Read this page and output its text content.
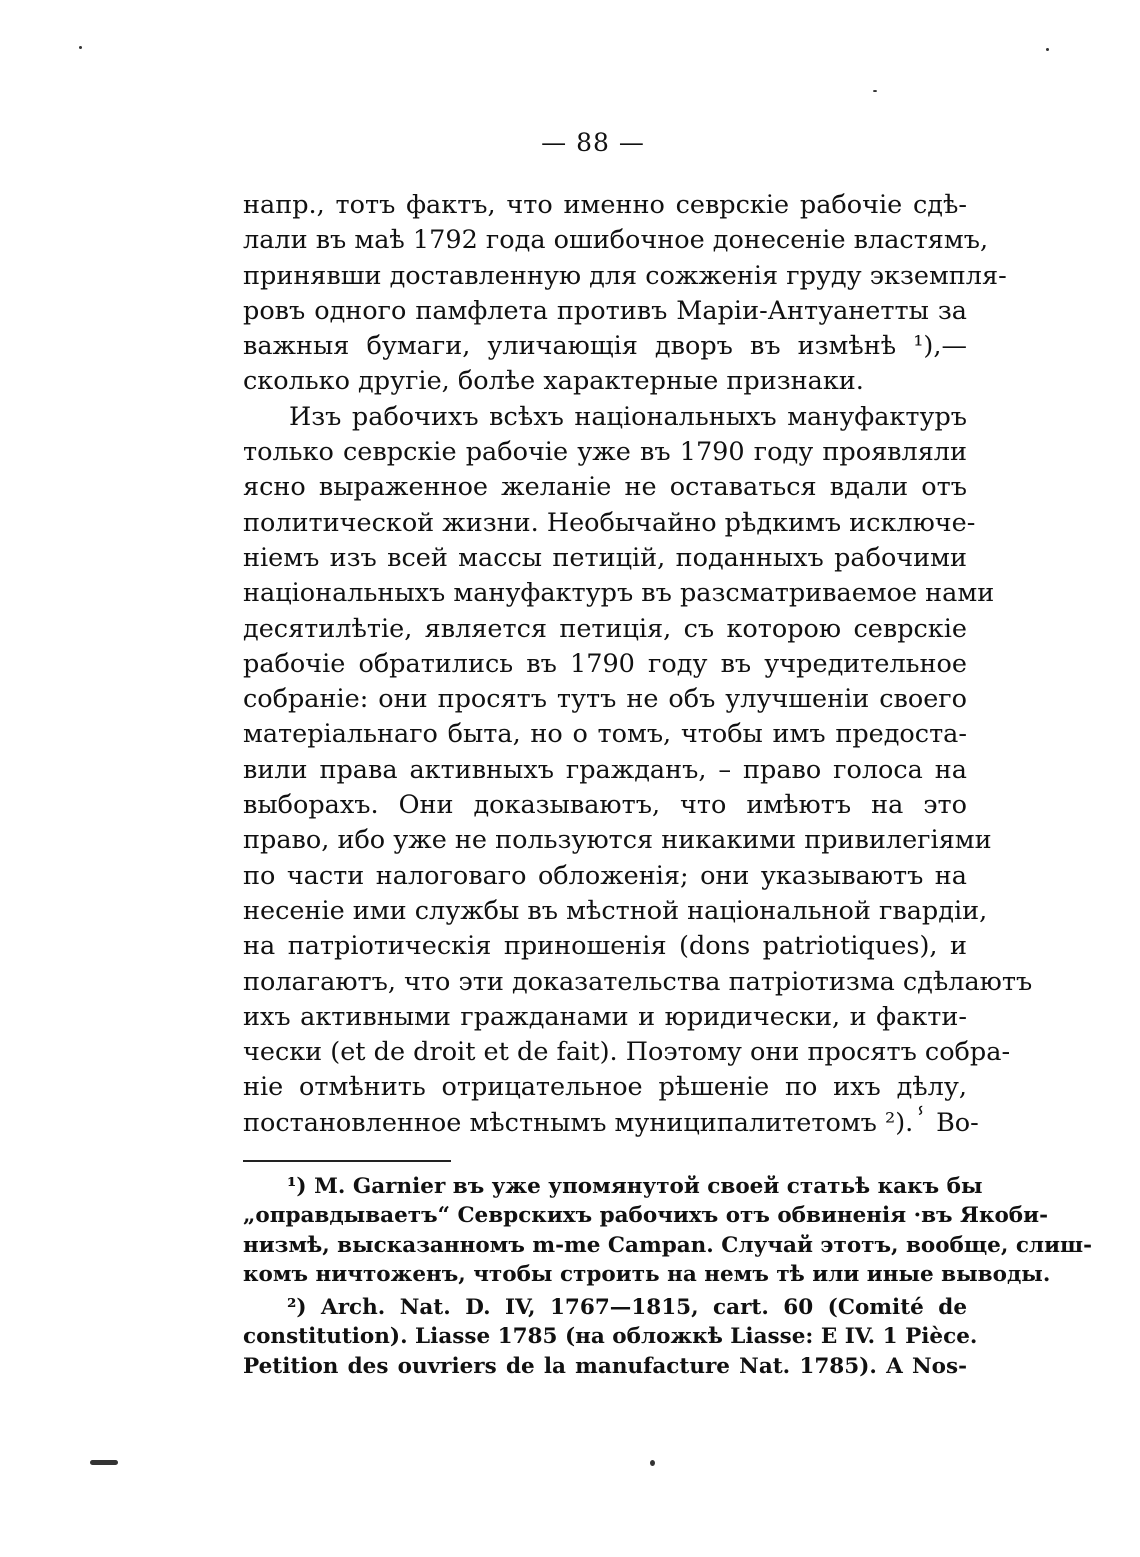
— 88 —
напр., тотъ фактъ, что именно севрскіе рабочіе сдѣ-
лали въ маѣ 1792 года ошибочное донесеніе властямъ,
принявши доставленную для сожженія груду экземпля-
ровъ одного памфлета противъ Маріи-Антуанетты за
важныя бумаги, уличающія дворъ въ измѣнѣ ¹),—
сколько другіе, болѣе характерные признаки.
Изъ рабочихъ всѣхъ національныхъ мануфактуръ
только севрскіе рабочіе уже въ 1790 году проявляли
ясно выраженное желаніе не оставаться вдали отъ
политической жизни. Необычайно рѣдкимъ исключе-
ніемъ изъ всей массы петицій, поданныхъ рабочими
національныхъ мануфактуръ въ разсматриваемое нами
десятилѣтіе, является петиція, съ которою севрскіе
рабочіе обратились въ 1790 году въ учредительное
собраніе: они просятъ тутъ не объ улучшеніи своего
матеріальнаго быта, но о томъ, чтобы имъ предоста-
вили права активныхъ гражданъ, – право голоса на
выборахъ. Они доказываютъ, что имѣютъ на это
право, ибо уже не пользуются никакими привилегіями
по части налоговаго обложенія; они указываютъ на
несеніе ими службы въ мѣстной національной гвардіи,
на патріотическія приношенія (dons patriotiques), и
полагаютъ, что эти доказательства патріотизма сдѣлаютъ
ихъ активными гражданами и юридически, и факти-
чески (et de droit et de fait). Поэтому они просятъ собра-
ніе отмѣнить отрицательное рѣшеніе по ихъ дѣлу,
постановленное мѣстнымъ муниципалитетомъ ²).ⸯ Во-
¹) M. Garnier въ уже упомянутой своей статьѣ какъ бы
„оправдываетъ“ Севрскихъ рабочихъ отъ обвиненія ·въ Якоби-
низмѣ, высказанномъ m-me Campan. Случай этотъ, вообще, слиш-
комъ ничтоженъ, чтобы строить на немъ тѣ или иные выводы.
²) Arch. Nat. D. IV, 1767—1815, cart. 60 (Comité de
constitution). Liasse 1785 (на обложкѣ Liasse: E IV. 1 Pièce.
Petition des ouvriers de la manufacture Nat. 1785). A Nos-
